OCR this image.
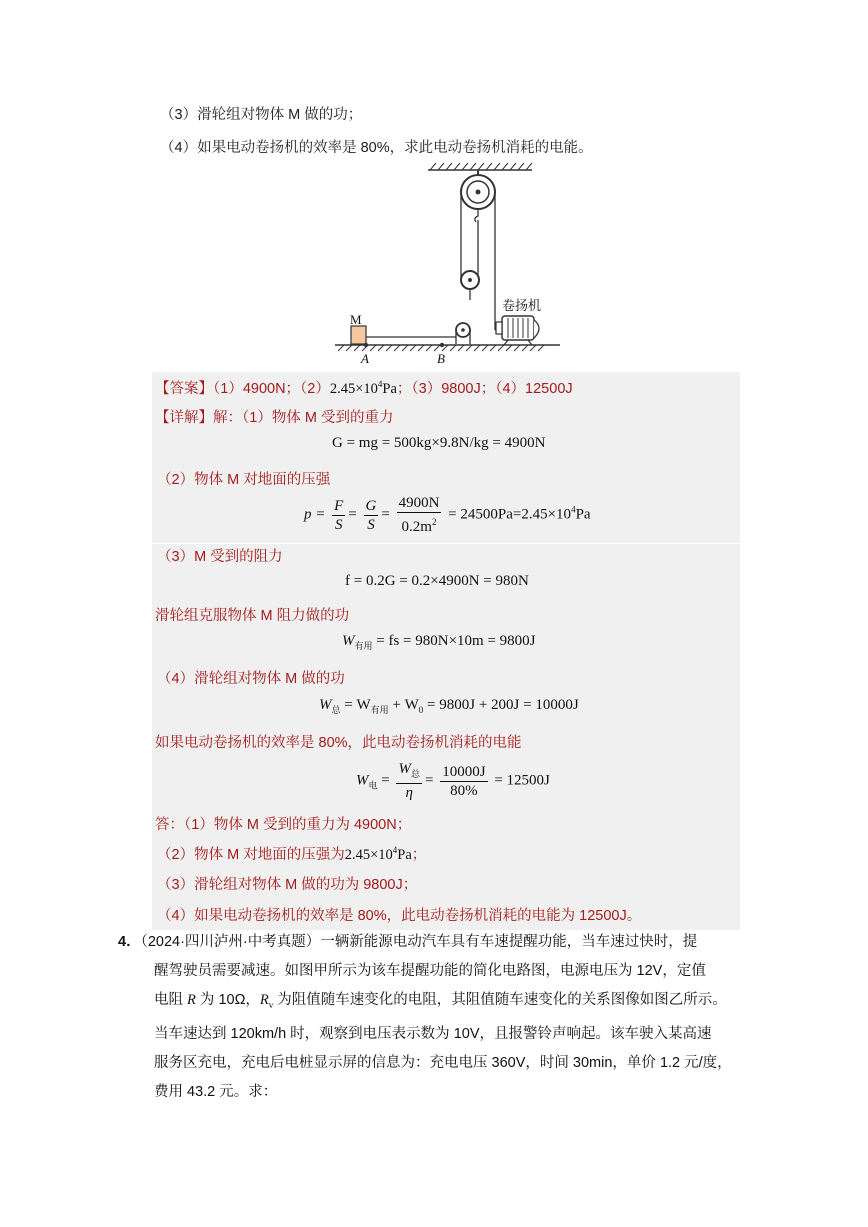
（3）滑轮组对物体 M 做的功；
（4）如果电动卷扬机的效率是 80%，求此电动卷扬机消耗的电能。
M
A	B
卷扬机
【答案】（1）4900N；$(2)2.45\times 10^4Pa$；（3）9800J；（4）12500J
【详解】解：（1）物体 M 受到的重力
G = mg = 500kg×9.8N/kg = 4900N
（2）物体 M 对地面的压强
$p = \frac{F}{S} = \frac{G}{S} = \frac{4900N}{0.2m^2} = 24500Pa=2.45\times 10^4Pa$
（3）M 受到的阻力
f = 0.2G = 0.2×4900N = 980N
滑轮组克服物体 M 阻力做的功
$W_{有用}$ = fs = 980N×10m = 9800J
（4）滑轮组对物体 M 做的功
$W_总 = W_{有用} + W_0 = 9800J + 200J = 10000J$
如果电动卷扬机的效率是 80%，此电动卷扬机消耗的电能
$W_电 = \frac{W_总}{\eta} = \frac{10000J}{80\%} = 12500J$
答：（1）物体 M 受到的重力为 4900N；
（2）物体 M 对地面的压强为$2.45\times 10^4Pa$；
（3）滑轮组对物体 M 做的功为 9800J；
（4）如果电动卷扬机的效率是 80%，此电动卷扬机消耗的电能为 12500J。
4．（2024·四川泸州·中考真题）一辆新能源电动汽车具有车速提醒功能，当车速过快时，提
醒驾驶员需要减速。如图甲所示为该车提醒功能的简化电路图，电源电压为 12V，定值
电阻 R 为 10Ω，$R_v$ 为阻值随车速变化的电阻，其阻值随车速变化的关系图像如图乙所示。
当车速达到 120km/h 时，观察到电压表示数为 10V，且报警铃声响起。该车驶入某高速
服务区充电，充电后电桩显示屏的信息为：充电电压 360V，时间 30min，单价 1.2 元/度，
费用 43.2 元。求：
